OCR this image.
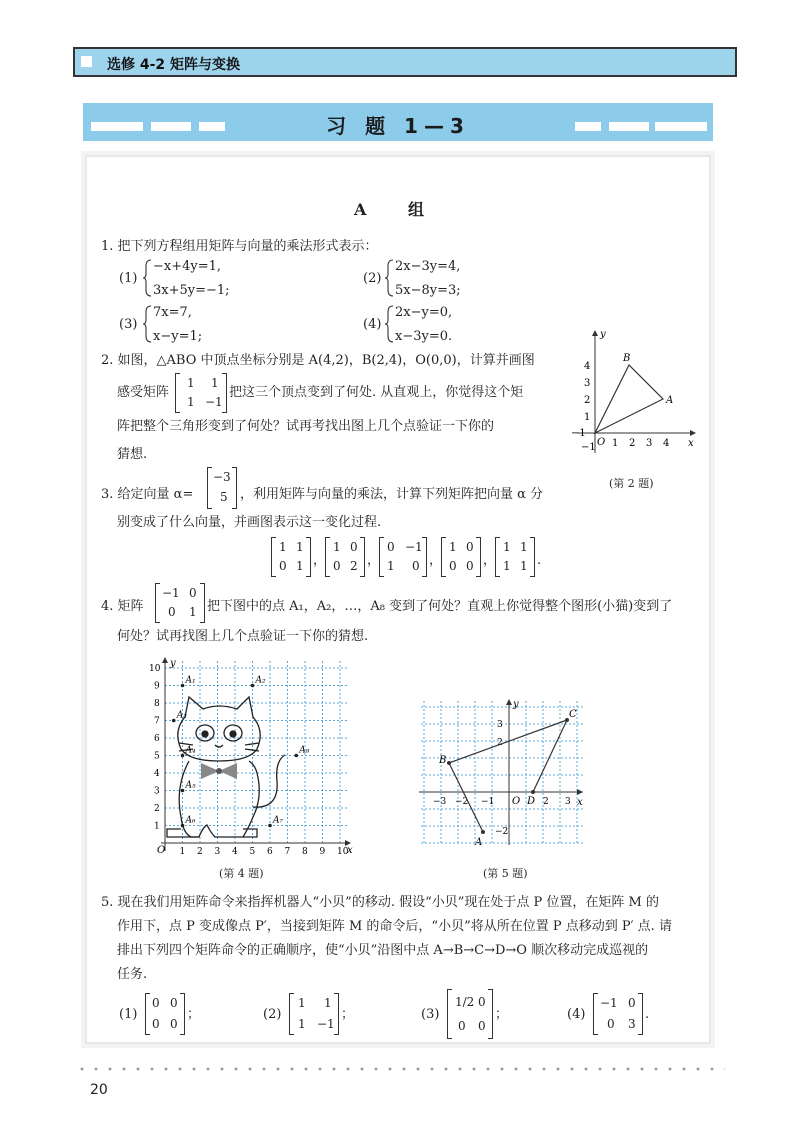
选修 4-2 矩阵与变换
习 题 1—3
A 组
1. 把下列方程组用矩阵与向量的乘法形式表示：
(1)
−x+4y=1,
3x+5y=−1;
(2)
2x−3y=4,
5x−8y=3;
(3)
7x=7,
x−y=1;
(4)
2x−y=0,
x−3y=0.
2. 如图，△ABO 中顶点坐标分别是 A(4,2)，B(2,4)，O(0,0)，计算并画图
感受矩阵
1 1
1 −1
把这三个顶点变到了何处. 从直观上，你觉得这个矩
阵把整个三角形变到了何处？试再考找出图上几个点验证一下你的
猜想.
y
x
1 2 3 4
−1
1
2
3
4
−1
A
B
O
(第 2 题)
3. 给定向量 α=
−3
5 ，利用矩阵与向量的乘法，计算下列矩阵把向量 α 分
别变成了什么向量，并画图表示这一变化过程.
1 1
0 1 ，
1 0
0 2 ，
0 −1
1 0 ，
1 0
0 0 ，
1 1
1 1 .
4. 矩阵
−1 0
0 1 把下图中的点 A₁，A₂，…，A₈ 变到了何处？直观上你觉得整个图形(小猫)变到了
何处？试再找图上几个点验证一下你的猜想.
y
x
O 1 2 3 4 5 6 7 8 9 10
1
2
3
4
5
6
7
8
9
10
A₁	A₂
A₃
A₄
A₅
A₆	A₇
A₈
(第 4 题)
y
x
O
−3 −2 −1	2 3
3
2
−2
A
B
C
D
(第 5 题)
5. 现在我们用矩阵命令来指挥机器人“小贝”的移动. 假设“小贝”现在处于点 P 位置，在矩阵 M 的
作用下，点 P 变成像点 P′，当接到矩阵 M 的命令后，“小贝”将从所在位置 P 点移动到 P′ 点. 请
排出下列四个矩阵命令的正确顺序，使“小贝”沿图中点 A→B→C→D→O 顺次移动完成巡视的
任务.
(1)
0 0
0 0
；	(2)
1 1
1 −1
；	(3)
1/2 0
0 0
；	(4)
−1 0
0 3
.
20
